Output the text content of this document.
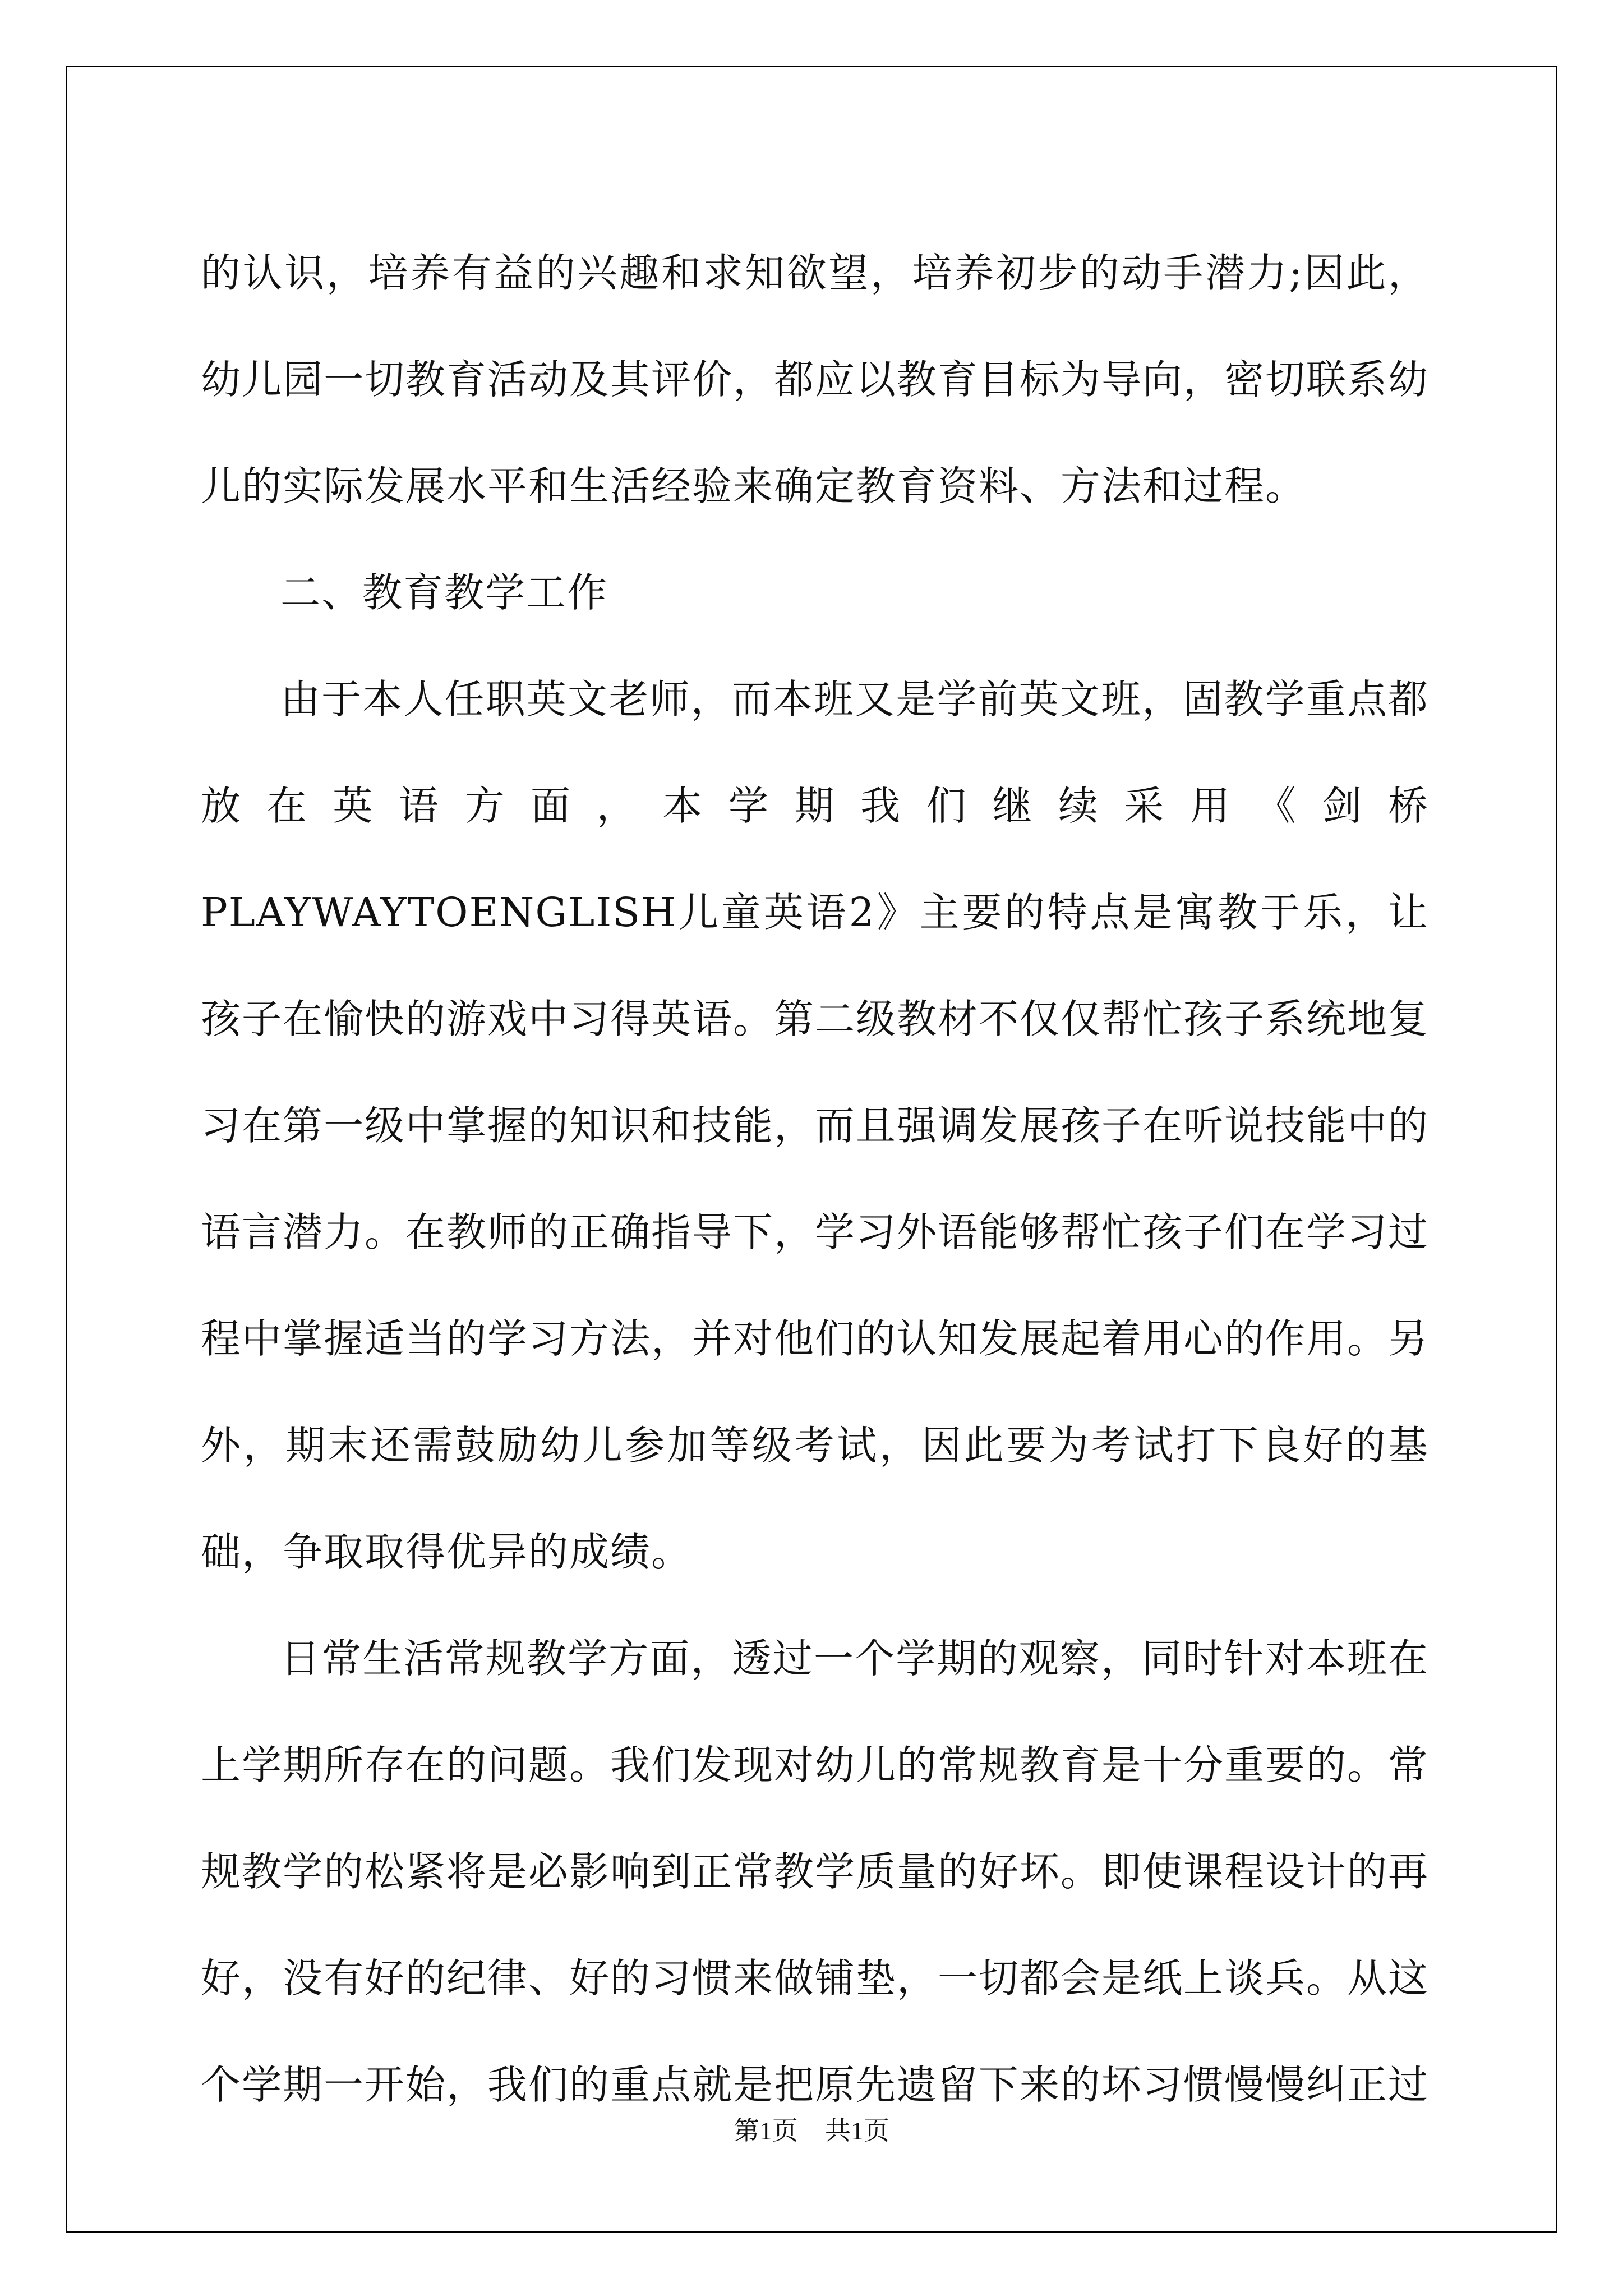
的认识，培养有益的兴趣和求知欲望，培养初步的动手潜力;因此，幼儿园一切教育活动及其评价，都应以教育目标为导向，密切联系幼儿的实际发展水平和生活经验来确定教育资料、方法和过程。

二、教育教学工作

由于本人任职英文老师，而本班又是学前英文班，固教学重点都放在英语方面，本学期我们继续采用《剑桥PLAYWAYTOENGLISH儿童英语2》主要的特点是寓教于乐，让孩子在愉快的游戏中习得英语。第二级教材不仅仅帮忙孩子系统地复习在第一级中掌握的知识和技能，而且强调发展孩子在听说技能中的语言潜力。在教师的正确指导下，学习外语能够帮忙孩子们在学习过程中掌握适当的学习方法，并对他们的认知发展起着用心的作用。另外，期末还需鼓励幼儿参加等级考试，因此要为考试打下良好的基础，争取取得优异的成绩。

日常生活常规教学方面，透过一个学期的观察，同时针对本班在上学期所存在的问题。我们发现对幼儿的常规教育是十分重要的。常规教学的松紧将是必影响到正常教学质量的好坏。即使课程设计的再好，没有好的纪律、好的习惯来做铺垫，一切都会是纸上谈兵。从这个学期一开始，我们的重点就是把原先遗留下来的坏习惯慢慢纠正过

第1页 共1页
